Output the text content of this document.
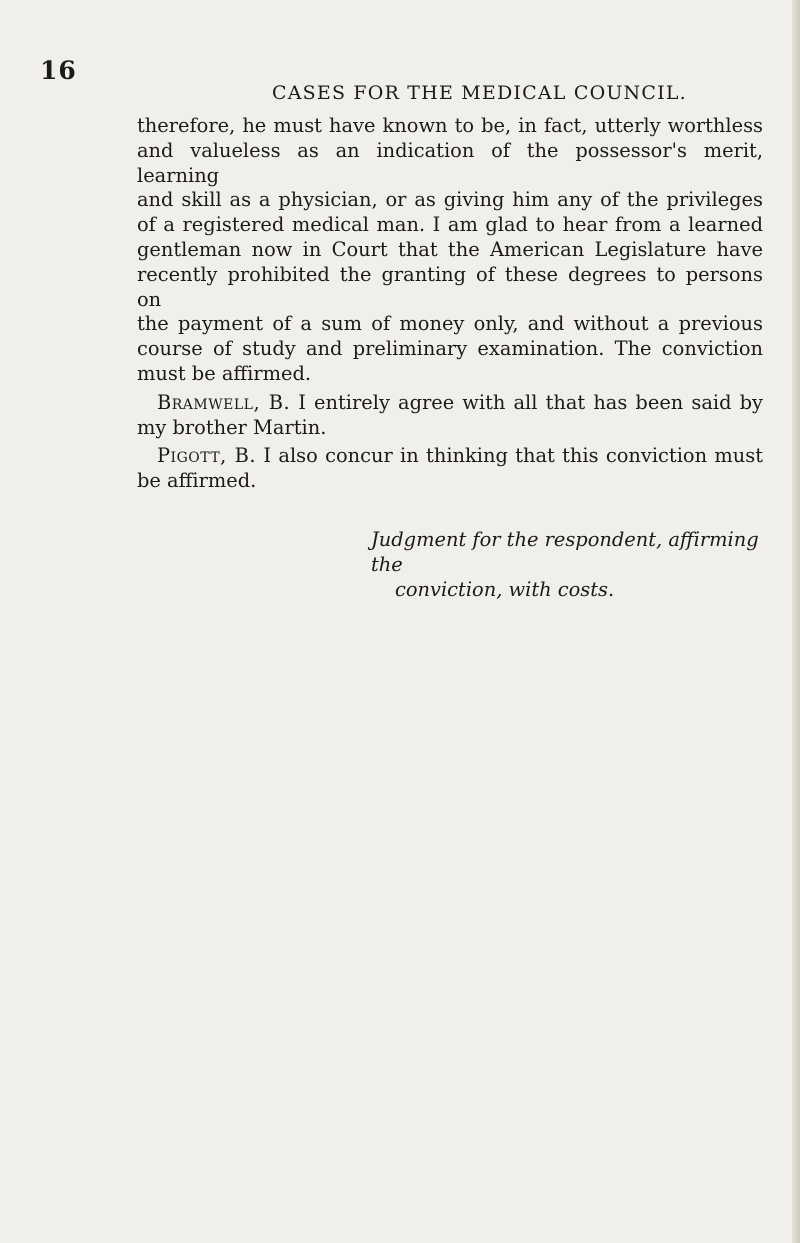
16
CASES FOR THE MEDICAL COUNCIL.

therefore, he must have known to be, in fact, utterly worthless
and valueless as an indication of the possessor's merit, learning
and skill as a physician, or as giving him any of the privileges
of a registered medical man. I am glad to hear from a learned
gentleman now in Court that the American Legislature have
recently prohibited the granting of these degrees to persons on
the payment of a sum of money only, and without a previous
course of study and preliminary examination. The conviction
must be affirmed.

Bramwell, B. I entirely agree with all that has been said by
my brother Martin.

Pigott, B. I also concur in thinking that this conviction must
be affirmed.

Judgment for the respondent, affirming the
conviction, with costs.
